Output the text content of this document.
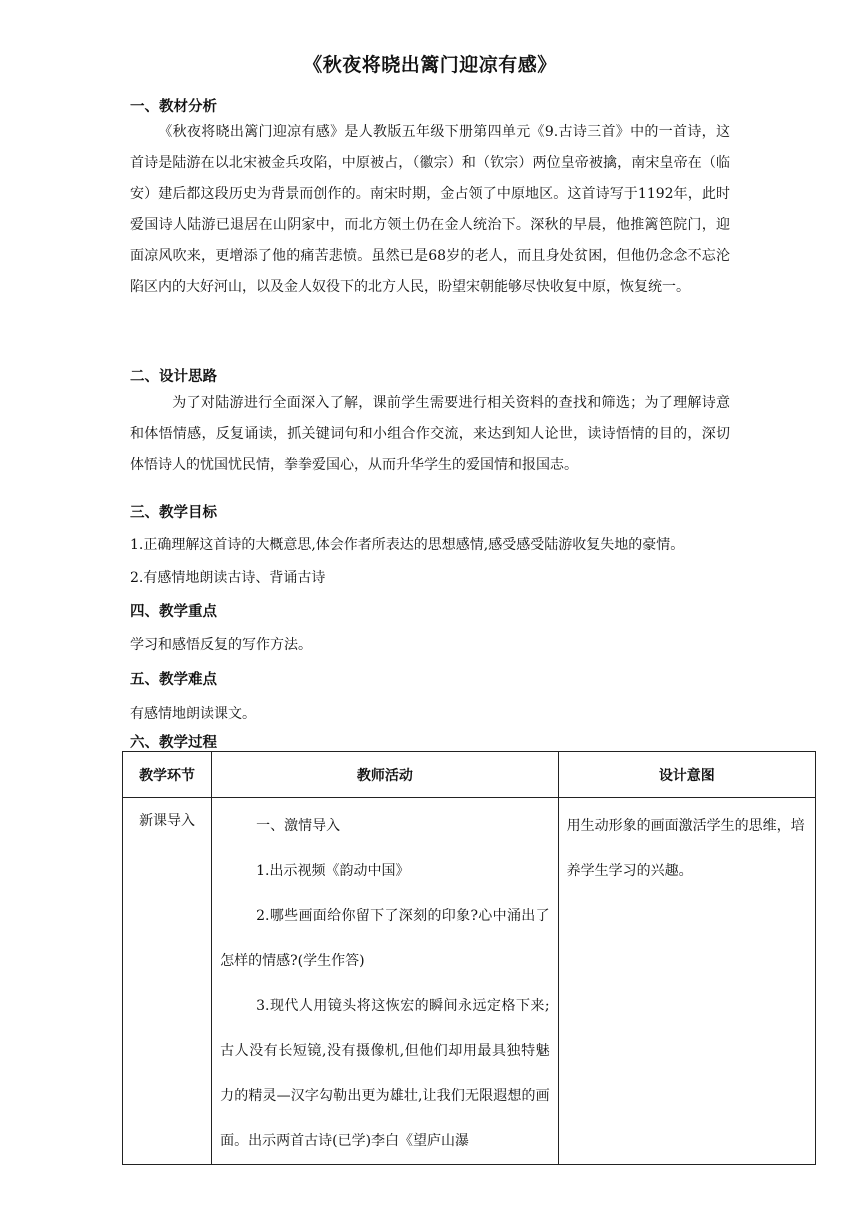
《秋夜将晓出篱门迎凉有感》
一、教材分析
《秋夜将晓出篱门迎凉有感》是人教版五年级下册第四单元《9.古诗三首》中的一首诗，这首诗是陆游在以北宋被金兵攻陷，中原被占，（徽宗）和（钦宗）两位皇帝被擒，南宋皇帝在（临安）建后都这段历史为背景而创作的。南宋时期，金占领了中原地区。这首诗写于1192年，此时爱国诗人陆游已退居在山阴家中，而北方领土仍在金人统治下。深秋的早晨，他推篱笆院门，迎面凉风吹来，更增添了他的痛苦悲愤。虽然已是68岁的老人，而且身处贫困，但他仍念念不忘沦陷区内的大好河山，以及金人奴役下的北方人民，盼望宋朝能够尽快收复中原，恢复统一。
二、设计思路
为了对陆游进行全面深入了解，课前学生需要进行相关资料的查找和筛选；为了理解诗意和体悟情感，反复诵读，抓关键词句和小组合作交流，来达到知人论世，读诗悟情的目的，深切体悟诗人的忧国忧民情，拳拳爱国心，从而升华学生的爱国情和报国志。
三、教学目标
1.正确理解这首诗的大概意思,体会作者所表达的思想感情,感受感受陆游收复失地的豪情。
2.有感情地朗读古诗、背诵古诗
四、教学重点
学习和感悟反复的写作方法。
五、教学难点
有感情地朗读课文。
六、教学过程
教学环节	教师活动	设计意图
新课导入	一、激情导入

1.出示视频《韵动中国》

2.哪些画面给你留下了深刻的印象?心中涌出了怎样的情感?(学生作答)

3.现代人用镜头将这恢宏的瞬间永远定格下来;古人没有长短镜,没有摄像机,但他们却用最具独特魅力的精灵—汉字勾勒出更为雄壮,让我们无限遐想的画面。出示两首古诗(已学)李白《望庐山瀑	用生动形象的画面激活学生的思维，培养学生学习的兴趣。
